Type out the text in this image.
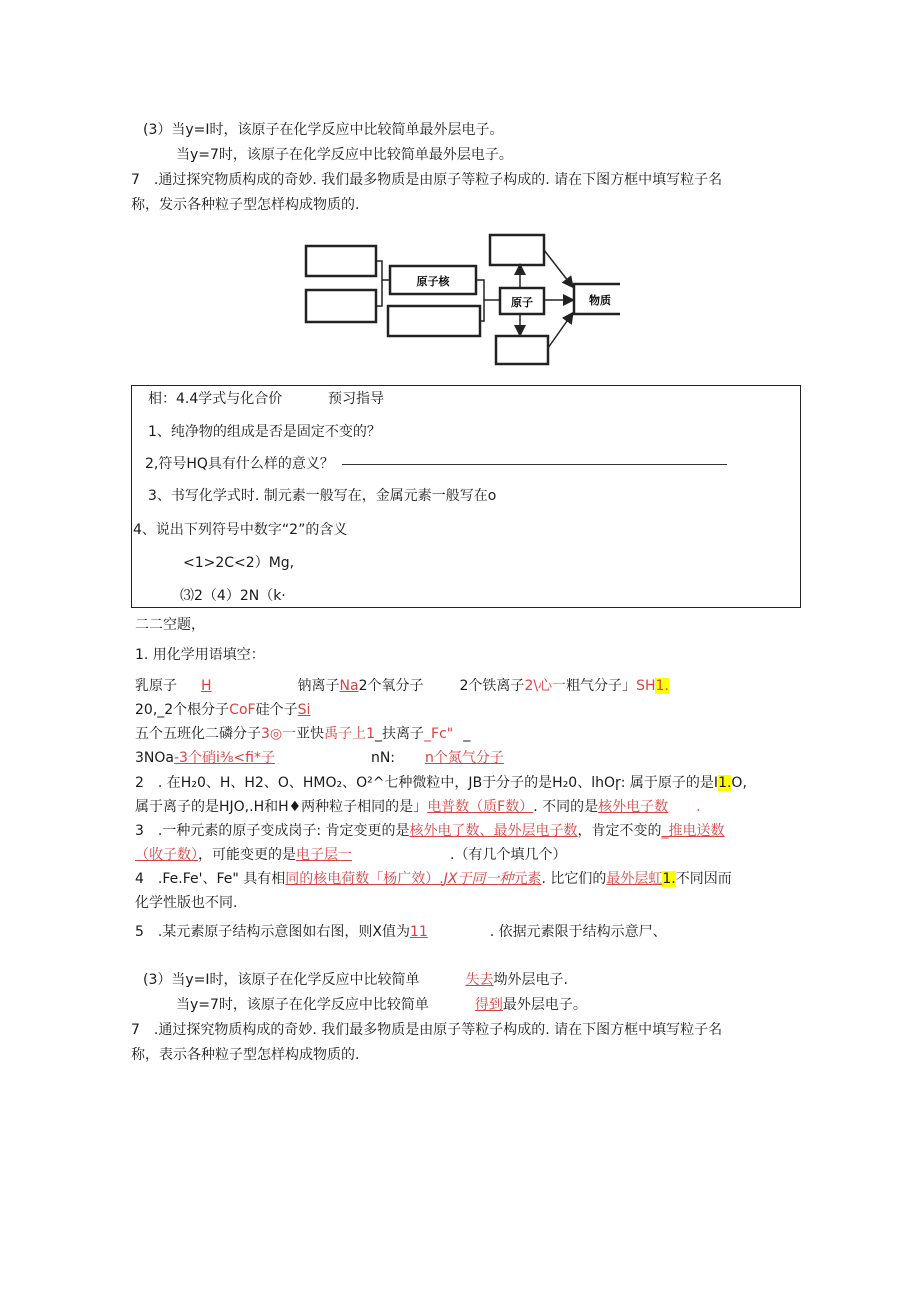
(3）当y=I时，该原子在化学反应中比较简单最外层电子。
当y=7时，该原子在化学反应中比较简单最外层电子。
7　.通过探究物质构成的奇妙. 我们最多物质是由原子等粒子构成的. 请在下图方框中填写粒子名
称，发示各种粒子型怎样构成物质的.
原子核
原子	物质
相：4.4学式与化合价	预习指导
1、纯净物的组成是否是固定不变的？
2,符号HQ具有什么样的意义？
3、书写化学式时. 制元素一般写在，金属元素一般写在o
4、说出下列符号中数字“2”的含义
<1>2C<2）Mg,
⑶2（4）2N（k·
二二空题，
1. 用化学用语填空：
乳原子 H	钠离子Na2个氧分子	2个铁离子2\心一粗气分子」SH1.
20,_2个根分子CoF硅个子Si
五个五班化二磷分子3◎一亚快禹子上1_扶离子_Fc" _
3NOa-3个硝i⅜<fi*子	nN: n个氮气分子
2　. 在H₂0、H、H2、O、HMO₂、O²^七种微粒中，JB于分子的是H₂0、lhOɼ: 属于原子的是I1.O,
属于离子的是HJO,.H和H♦两种粒子相同的是」电普数（质F数）. 不同的是核外电子数 .
3　.一种元素的原子变成岗子: 肯定变更的是核外电了数、最外层电子数，肯定不变的_推电送数
（收子数），可能变更的是电子层一	.（有几个填几个）
4　.Fe.Fe'、Fe" 具有相同的核电荷数「杨广效）.JX于同一种元素. 比它们的最外层虹1.不同因而
化学性版也不同.
5　.某元素原子结构示意图如右图，则X值为11	. 依据元素限于结构示意尸、
(3）当y=I时，该原子在化学反应中比较简单	失去坳外层电子.
当y=7时，该原子在化学反应中比较简单	得到最外层电子。
7　.通过探究物质构成的奇妙. 我们最多物质是由原子等粒子构成的. 请在下图方框中填写粒子名
称，表示各种粒子型怎样构成物质的.
